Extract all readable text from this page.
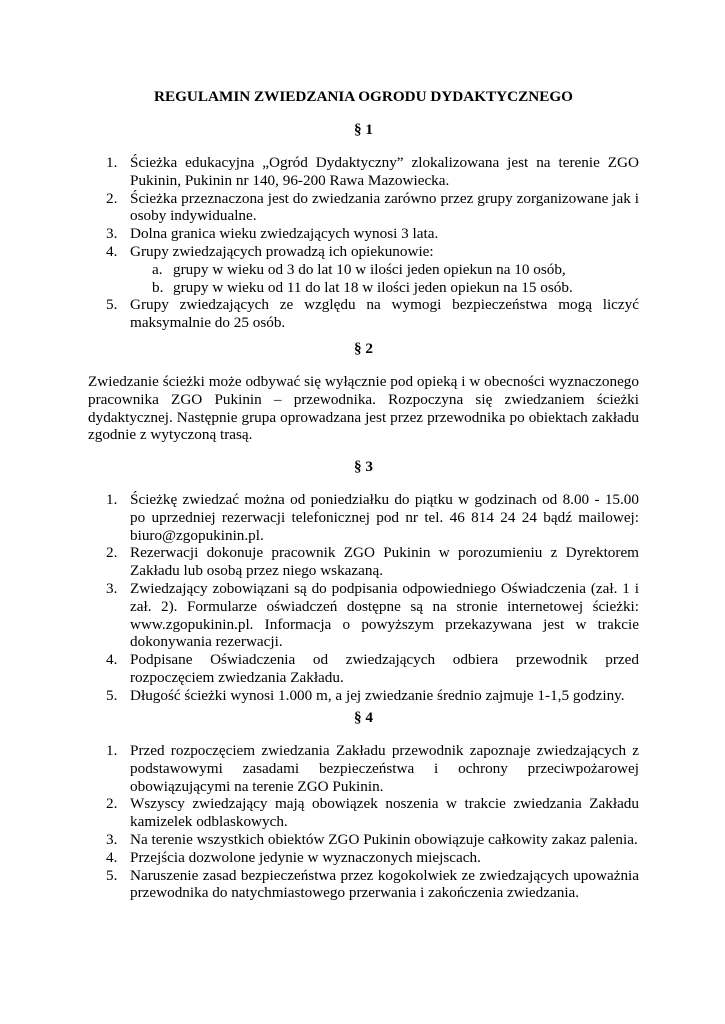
REGULAMIN ZWIEDZANIA OGRODU DYDAKTYCZNEGO
§ 1
1. Ścieżka edukacyjna „Ogród Dydaktyczny” zlokalizowana jest na terenie ZGO Pukinin, Pukinin nr 140, 96-200 Rawa Mazowiecka.
2. Ścieżka przeznaczona jest do zwiedzania zarówno przez grupy zorganizowane jak i osoby indywidualne.
3. Dolna granica wieku zwiedzających wynosi 3 lata.
4. Grupy zwiedzających prowadzą ich opiekunowie:
a. grupy w wieku od 3 do lat 10 w ilości jeden opiekun na 10 osób,
b. grupy w wieku od 11 do lat 18 w ilości jeden opiekun na 15 osób.
5. Grupy zwiedzających ze względu na wymogi bezpieczeństwa mogą liczyć maksymalnie do 25 osób.
§ 2

Zwiedzanie ścieżki może odbywać się wyłącznie pod opieką i w obecności wyznaczonego pracownika ZGO Pukinin – przewodnika. Rozpoczyna się zwiedzaniem ścieżki dydaktycznej. Następnie grupa oprowadzana jest przez przewodnika po obiektach zakładu zgodnie z wytyczoną trasą.

§ 3
1. Ścieżkę zwiedzać można od poniedziałku do piątku w godzinach od 8.00 - 15.00 po uprzedniej rezerwacji telefonicznej pod nr tel. 46 814 24 24 bądź mailowej: biuro@zgopukinin.pl.
2. Rezerwacji dokonuje pracownik ZGO Pukinin w porozumieniu z Dyrektorem Zakładu lub osobą przez niego wskazaną.
3. Zwiedzający zobowiązani są do podpisania odpowiedniego Oświadczenia (zał. 1 i zał. 2). Formularze oświadczeń dostępne są na stronie internetowej ścieżki: www.zgopukinin.pl. Informacja o powyższym przekazywana jest w trakcie dokonywania rezerwacji.
4. Podpisane Oświadczenia od zwiedzających odbiera przewodnik przed rozpoczęciem zwiedzania Zakładu.
5. Długość ścieżki wynosi 1.000 m, a jej zwiedzanie średnio zajmuje 1-1,5 godziny.
§ 4
1. Przed rozpoczęciem zwiedzania Zakładu przewodnik zapoznaje zwiedzających z podstawowymi zasadami bezpieczeństwa i ochrony przeciwpożarowej obowiązującymi na terenie ZGO Pukinin.
2. Wszyscy zwiedzający mają obowiązek noszenia w trakcie zwiedzania Zakładu kamizelek odblaskowych.
3. Na terenie wszystkich obiektów ZGO Pukinin obowiązuje całkowity zakaz palenia.
4. Przejścia dozwolone jedynie w wyznaczonych miejscach.
5. Naruszenie zasad bezpieczeństwa przez kogokolwiek ze zwiedzających upoważnia przewodnika do natychmiastowego przerwania i zakończenia zwiedzania.
